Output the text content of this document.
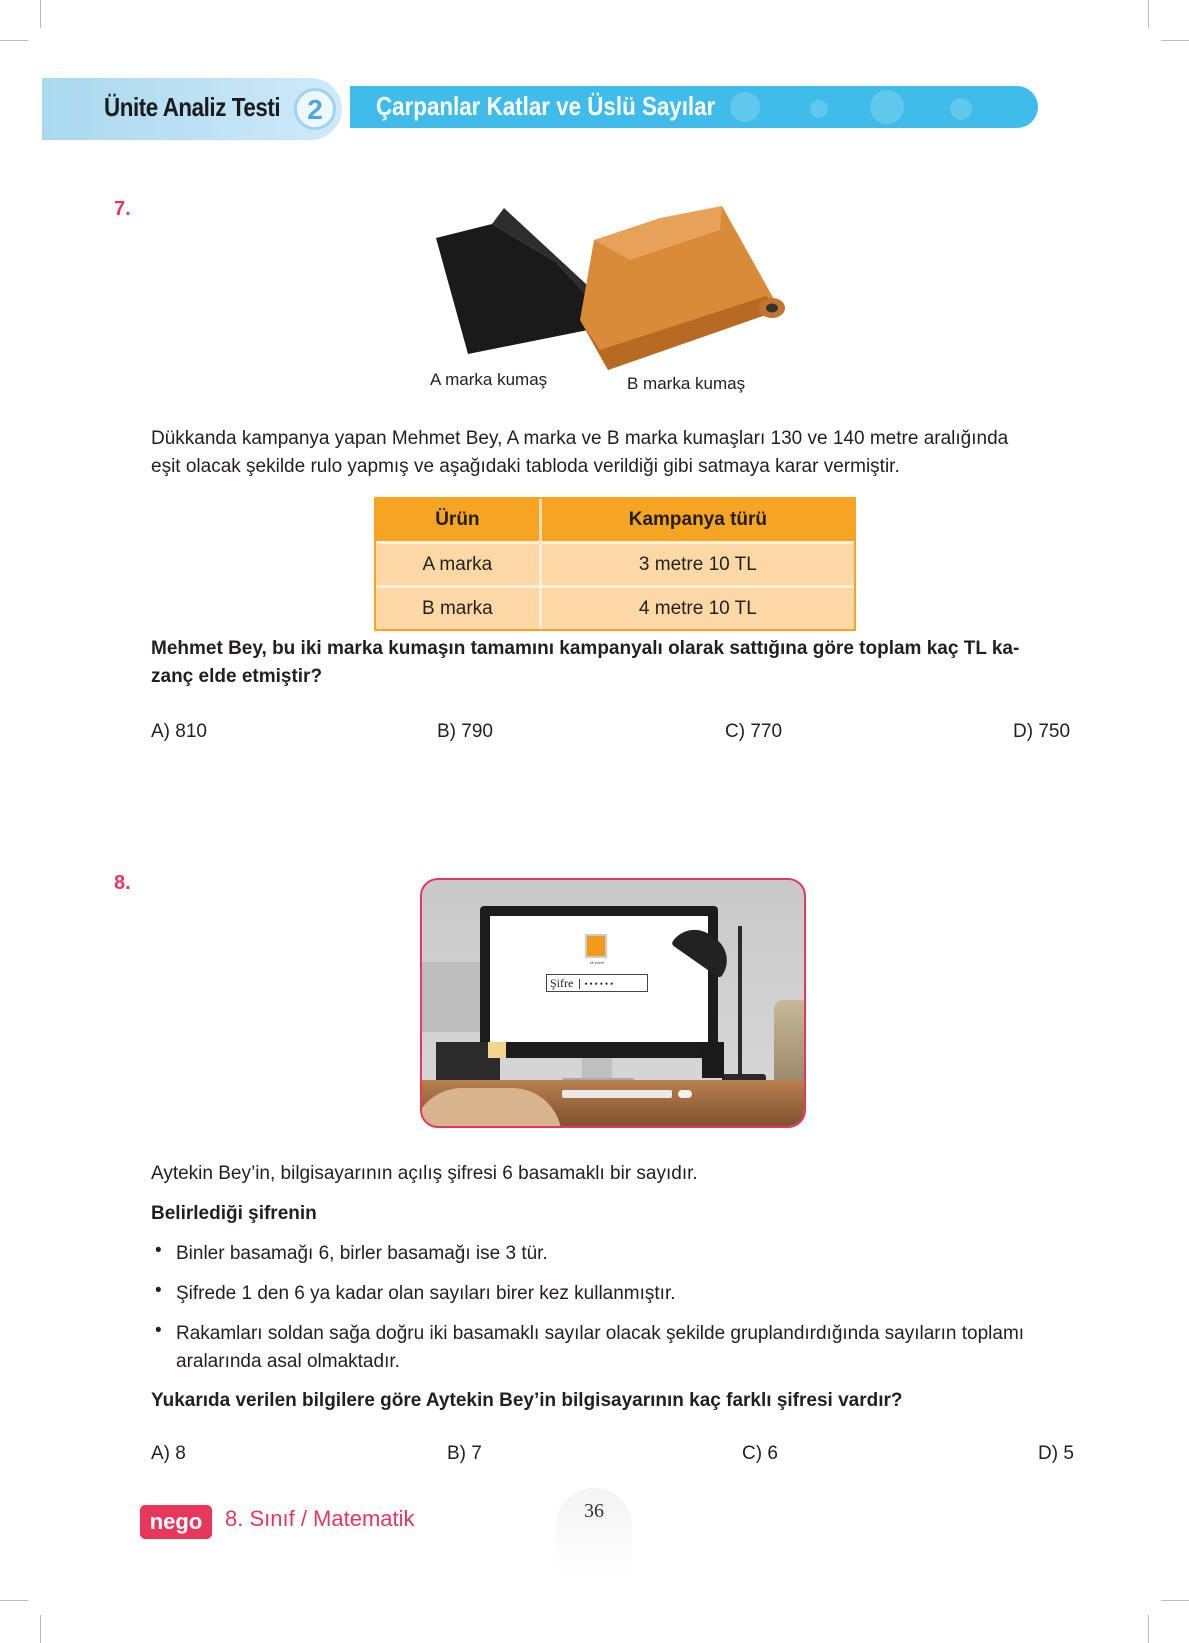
Ünite Analiz Testi 2	Çarpanlar Katlar ve Üslü Sayılar
7.
A marka kumaş	B marka kumaş
Dükkanda kampanya yapan Mehmet Bey, A marka ve B marka kumaşları 130 ve 140 metre aralığında
eşit olacak şekilde rulo yapmış ve aşağıdaki tabloda verildiği gibi satmaya karar vermiştir.
Ürün	Kampanya türü
A marka	3 metre 10 TL
B marka	4 metre 10 TL
Mehmet Bey, bu iki marka kumaşın tamamını kampanyalı olarak sattığına göre toplam kaç TL ka-
zanç elde etmiştir?
A) 810	B) 790	C) 770	D) 750
8.
Muhtelif
Şifre ••••••
Aytekin Bey’in, bilgisayarının açılış şifresi 6 basamaklı bir sayıdır.
Belirlediği şifrenin
• Binler basamağı 6, birler basamağı ise 3 tür.
• Şifrede 1 den 6 ya kadar olan sayıları birer kez kullanmıştır.
• Rakamları soldan sağa doğru iki basamaklı sayılar olacak şekilde gruplandırdığında sayıların toplamı
aralarında asal olmaktadır.
Yukarıda verilen bilgilere göre Aytekin Bey’in bilgisayarının kaç farklı şifresi vardır?
A) 8	B) 7	C) 6	D) 5
nego	8. Sınıf / Matematik	36
